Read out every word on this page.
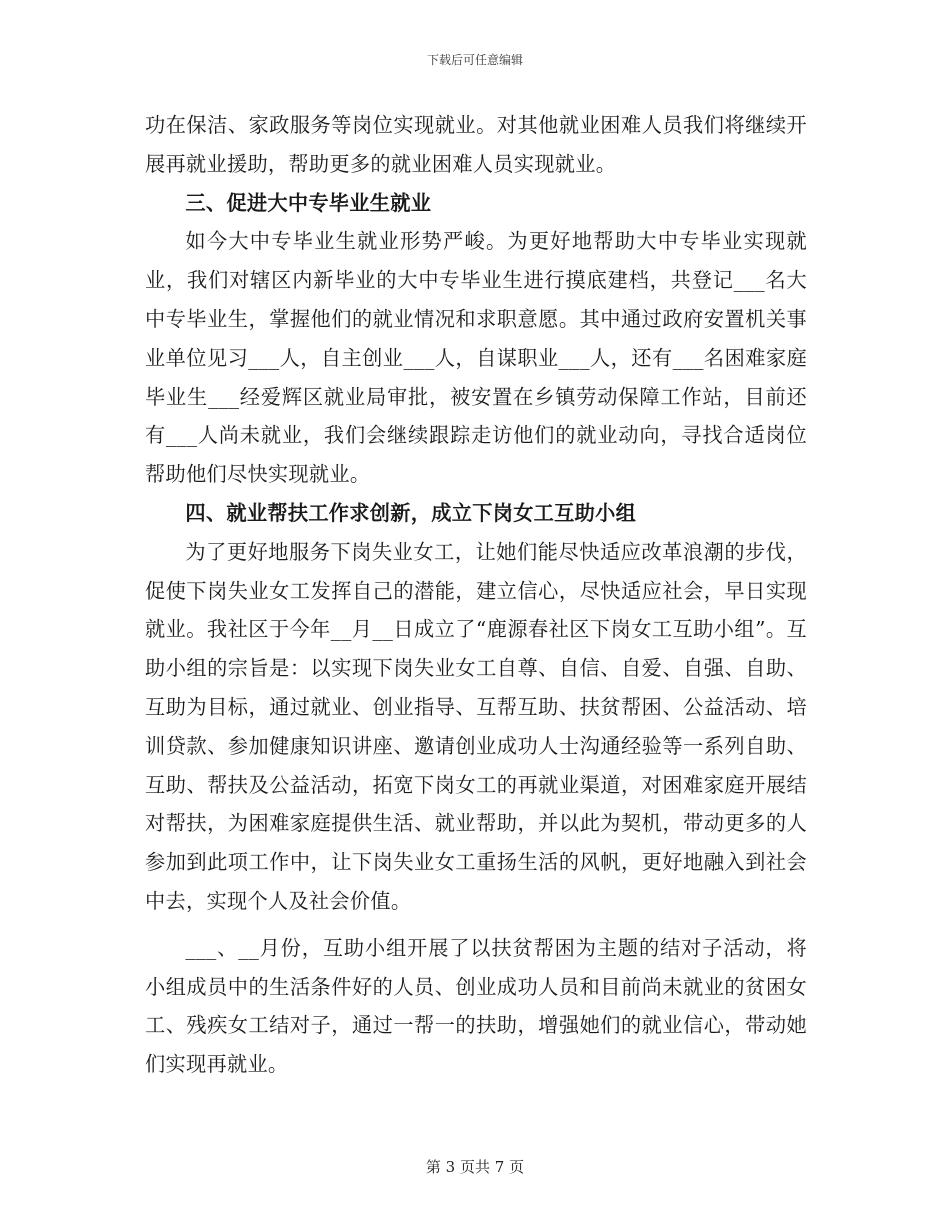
下载后可任意编辑

功在保洁、家政服务等岗位实现就业。对其他就业困难人员我们将继续开展再就业援助，帮助更多的就业困难人员实现就业。

三、促进大中专毕业生就业

如今大中专毕业生就业形势严峻。为更好地帮助大中专毕业实现就业，我们对辖区内新毕业的大中专毕业生进行摸底建档，共登记___名大中专毕业生，掌握他们的就业情况和求职意愿。其中通过政府安置机关事业单位见习___人，自主创业___人，自谋职业___人，还有___名困难家庭毕业生___经爱辉区就业局审批，被安置在乡镇劳动保障工作站，目前还有___人尚未就业，我们会继续跟踪走访他们的就业动向，寻找合适岗位帮助他们尽快实现就业。

四、就业帮扶工作求创新，成立下岗女工互助小组

为了更好地服务下岗失业女工，让她们能尽快适应改革浪潮的步伐，促使下岗失业女工发挥自己的潜能，建立信心，尽快适应社会，早日实现就业。我社区于今年__月__日成立了“鹿源春社区下岗女工互助小组”。互助小组的宗旨是：以实现下岗失业女工自尊、自信、自爱、自强、自助、互助为目标，通过就业、创业指导、互帮互助、扶贫帮困、公益活动、培训贷款、参加健康知识讲座、邀请创业成功人士沟通经验等一系列自助、互助、帮扶及公益活动，拓宽下岗女工的再就业渠道，对困难家庭开展结对帮扶，为困难家庭提供生活、就业帮助，并以此为契机，带动更多的人参加到此项工作中，让下岗失业女工重扬生活的风帆，更好地融入到社会中去，实现个人及社会价值。

___、__月份，互助小组开展了以扶贫帮困为主题的结对子活动，将小组成员中的生活条件好的人员、创业成功人员和目前尚未就业的贫困女工、残疾女工结对子，通过一帮一的扶助，增强她们的就业信心，带动她们实现再就业。

第 3 页共 7 页
